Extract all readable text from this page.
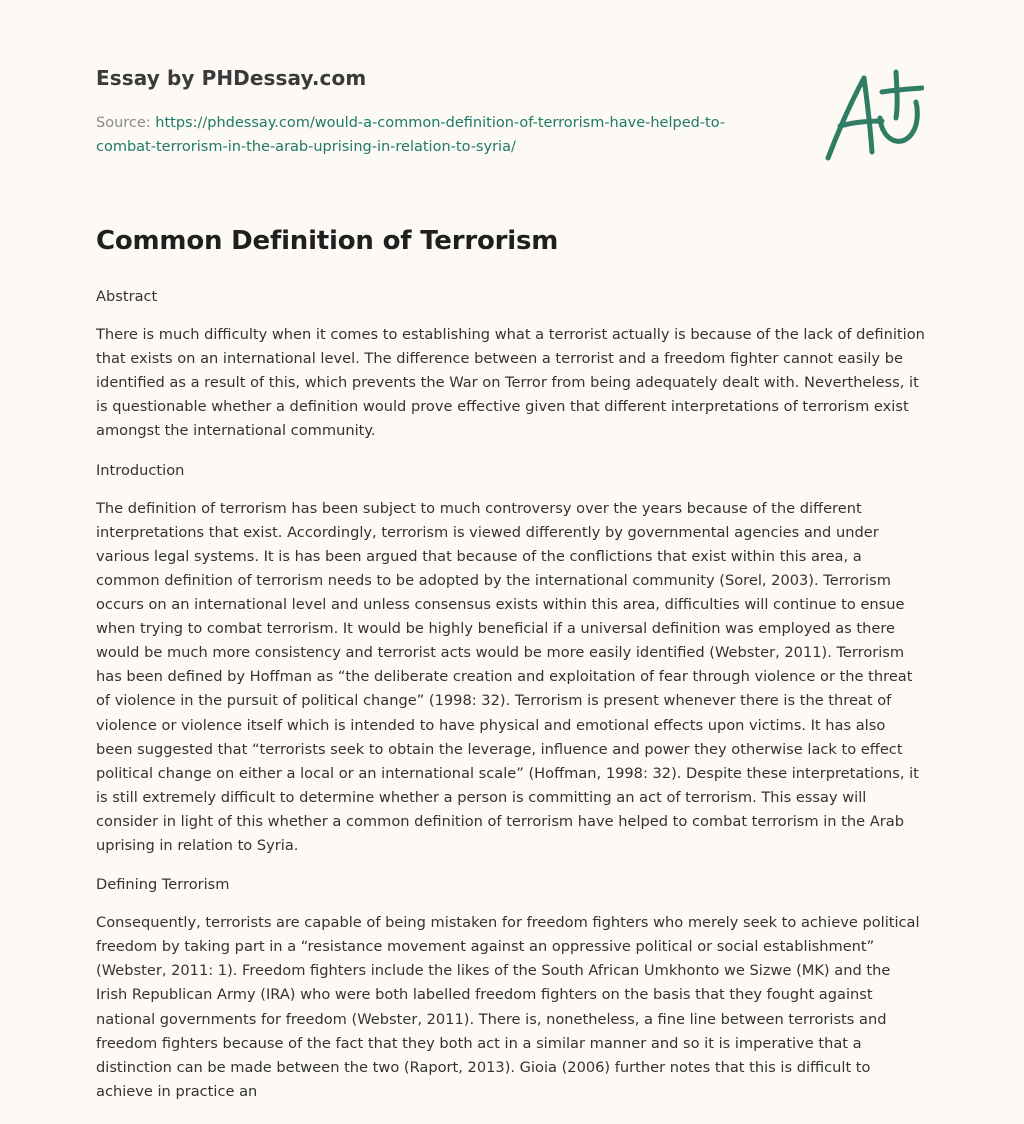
Essay by PHDessay.com

Source: https://phdessay.com/would-a-common-definition-of-terrorism-have-helped-to-
combat-terrorism-in-the-arab-uprising-in-relation-to-syria/

Common Definition of Terrorism

Abstract

There is much difficulty when it comes to establishing what a terrorist actually is because of the lack of definition that exists on an international level. The difference between a terrorist and a freedom fighter cannot easily be identified as a result of this, which prevents the War on Terror from being adequately dealt with. Nevertheless, it is questionable whether a definition would prove effective given that different interpretations of terrorism exist amongst the international community.

Introduction

The definition of terrorism has been subject to much controversy over the years because of the different interpretations that exist. Accordingly, terrorism is viewed differently by governmental agencies and under various legal systems. It is has been argued that because of the conflictions that exist within this area, a common definition of terrorism needs to be adopted by the international community (Sorel, 2003). Terrorism occurs on an international level and unless consensus exists within this area, difficulties will continue to ensue when trying to combat terrorism. It would be highly beneficial if a universal definition was employed as there would be much more consistency and terrorist acts would be more easily identified (Webster, 2011). Terrorism has been defined by Hoffman as “the deliberate creation and exploitation of fear through violence or the threat of violence in the pursuit of political change” (1998: 32). Terrorism is present whenever there is the threat of violence or violence itself which is intended to have physical and emotional effects upon victims. It has also been suggested that “terrorists seek to obtain the leverage, influence and power they otherwise lack to effect political change on either a local or an international scale” (Hoffman, 1998: 32). Despite these interpretations, it is still extremely difficult to determine whether a person is committing an act of terrorism. This essay will consider in light of this whether a common definition of terrorism have helped to combat terrorism in the Arab uprising in relation to Syria.

Defining Terrorism

Consequently, terrorists are capable of being mistaken for freedom fighters who merely seek to achieve political freedom by taking part in a “resistance movement against an oppressive political or social establishment” (Webster, 2011: 1). Freedom fighters include the likes of the South African Umkhonto we Sizwe (MK) and the Irish Republican Army (IRA) who were both labelled freedom fighters on the basis that they fought against national governments for freedom (Webster, 2011). There is, nonetheless, a fine line between terrorists and freedom fighters because of the fact that they both act in a similar manner and so it is imperative that a distinction can be made between the two (Raport, 2013). Gioia (2006) further notes that this is difficult to achieve in practice an
